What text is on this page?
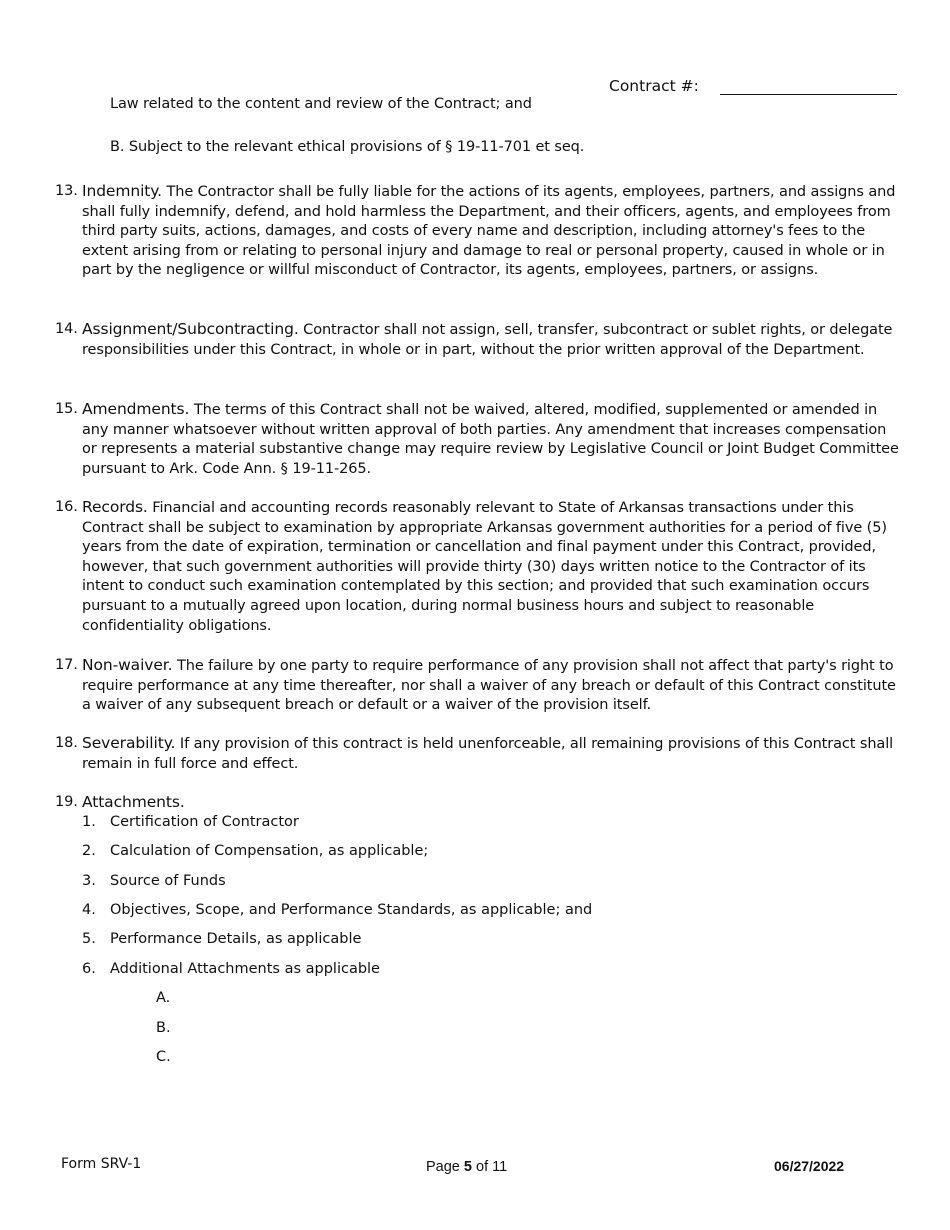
Contract #:
Law related to the content and review of the Contract; and
B. Subject to the relevant ethical provisions of § 19-11-701 et seq.
13. Indemnity. The Contractor shall be fully liable for the actions of its agents, employees, partners, and assigns and shall fully indemnify, defend, and hold harmless the Department, and their officers, agents, and employees from third party suits, actions, damages, and costs of every name and description, including attorney's fees to the extent arising from or relating to personal injury and damage to real or personal property, caused in whole or in part by the negligence or willful misconduct of Contractor, its agents, employees, partners, or assigns.
14. Assignment/Subcontracting. Contractor shall not assign, sell, transfer, subcontract or sublet rights, or delegate responsibilities under this Contract, in whole or in part, without the prior written approval of the Department.
15. Amendments. The terms of this Contract shall not be waived, altered, modified, supplemented or amended in any manner whatsoever without written approval of both parties. Any amendment that increases compensation or represents a material substantive change may require review by Legislative Council or Joint Budget Committee pursuant to Ark. Code Ann. § 19-11-265.
16. Records. Financial and accounting records reasonably relevant to State of Arkansas transactions under this Contract shall be subject to examination by appropriate Arkansas government authorities for a period of five (5) years from the date of expiration, termination or cancellation and final payment under this Contract, provided, however, that such government authorities will provide thirty (30) days written notice to the Contractor of its intent to conduct such examination contemplated by this section; and provided that such examination occurs pursuant to a mutually agreed upon location, during normal business hours and subject to reasonable confidentiality obligations.
17. Non-waiver. The failure by one party to require performance of any provision shall not affect that party's right to require performance at any time thereafter, nor shall a waiver of any breach or default of this Contract constitute a waiver of any subsequent breach or default or a waiver of the provision itself.
18. Severability. If any provision of this contract is held unenforceable, all remaining provisions of this Contract shall remain in full force and effect.
19. Attachments.
1. Certification of Contractor
2. Calculation of Compensation, as applicable;
3. Source of Funds
4. Objectives, Scope, and Performance Standards, as applicable; and
5. Performance Details, as applicable
6. Additional Attachments as applicable
A.
B.
C.
Form SRV-1	Page 5 of 11	06/27/2022
